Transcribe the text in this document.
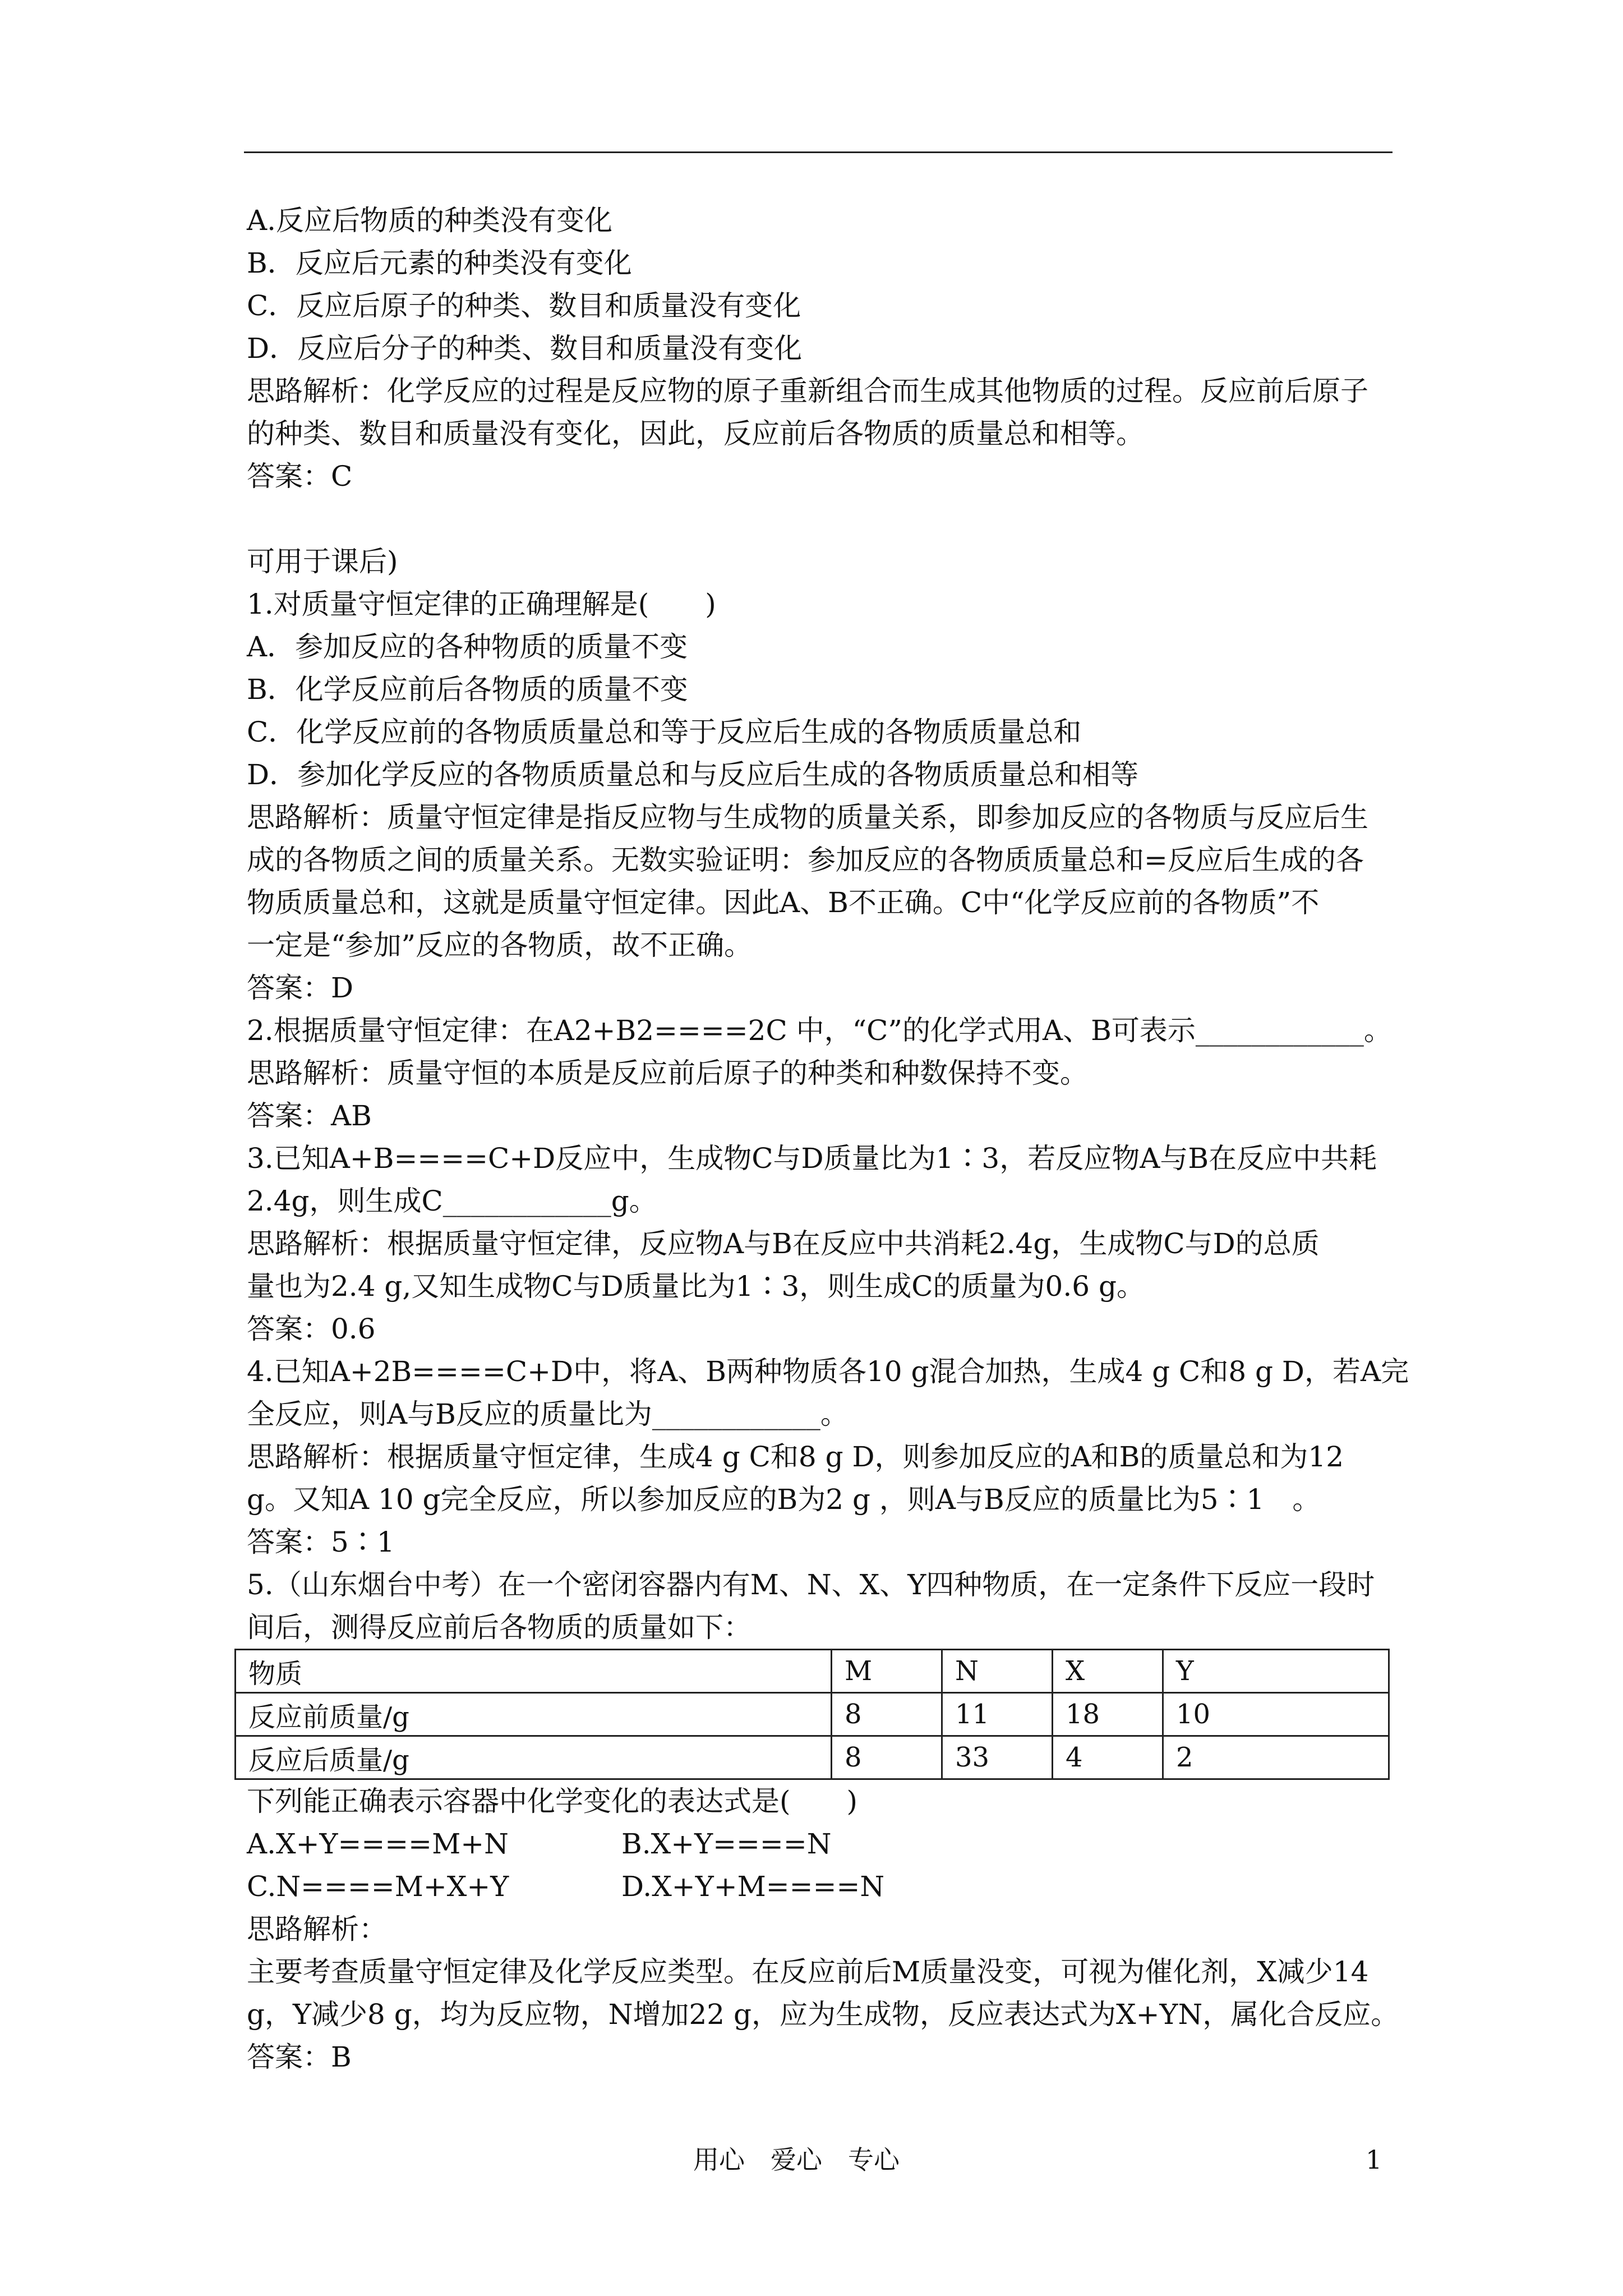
A.反应后物质的种类没有变化
B．反应后元素的种类没有变化
C．反应后原子的种类、数目和质量没有变化
D．反应后分子的种类、数目和质量没有变化
思路解析：化学反应的过程是反应物的原子重新组合而生成其他物质的过程。反应前后原子
的种类、数目和质量没有变化，因此，反应前后各物质的质量总和相等。
答案：C
可用于课后)
1.对质量守恒定律的正确理解是(　　)
A．参加反应的各种物质的质量不变
B．化学反应前后各物质的质量不变
C．化学反应前的各物质质量总和等于反应后生成的各物质质量总和
D．参加化学反应的各物质质量总和与反应后生成的各物质质量总和相等
思路解析：质量守恒定律是指反应物与生成物的质量关系，即参加反应的各物质与反应后生
成的各物质之间的质量关系。无数实验证明：参加反应的各物质质量总和=反应后生成的各
物质质量总和，这就是质量守恒定律。因此A、B不正确。C中“化学反应前的各物质”不
一定是“参加”反应的各物质，故不正确。
答案：D
2.根据质量守恒定律：在A2+B2====2C 中，“C”的化学式用A、B可表示____________。
思路解析：质量守恒的本质是反应前后原子的种类和种数保持不变。
答案：AB
3.已知A+B====C+D反应中，生成物C与D质量比为1∶3，若反应物A与B在反应中共耗
2.4g，则生成C____________g。
思路解析：根据质量守恒定律，反应物A与B在反应中共消耗2.4g，生成物C与D的总质
量也为2.4 g,又知生成物C与D质量比为1∶3，则生成C的质量为0.6 g。
答案：0.6
4.已知A+2B====C+D中，将A、B两种物质各10 g混合加热，生成4 g C和8 g D，若A完
全反应，则A与B反应的质量比为____________。
思路解析：根据质量守恒定律，生成4 g C和8 g D，则参加反应的A和B的质量总和为12
g。又知A 10 g完全反应，所以参加反应的B为2 g ，则A与B反应的质量比为5∶1　。
答案：5∶1
5.（山东烟台中考）在一个密闭容器内有M、N、X、Y四种物质，在一定条件下反应一段时
间后，测得反应前后各物质的质量如下：
物质	M	N	X	Y
反应前质量/g	8	11	18	10
反应后质量/g	8	33	4	2
下列能正确表示容器中化学变化的表达式是(　　)
A.X+Y====M+N	B.X+Y====N
C.N====M+X+Y	D.X+Y+M====N
思路解析：
主要考查质量守恒定律及化学反应类型。在反应前后M质量没变，可视为催化剂，X减少14
g，Y减少8 g，均为反应物，N增加22 g，应为生成物，反应表达式为X+YN，属化合反应。
答案：B
用心　爱心　专心	1
